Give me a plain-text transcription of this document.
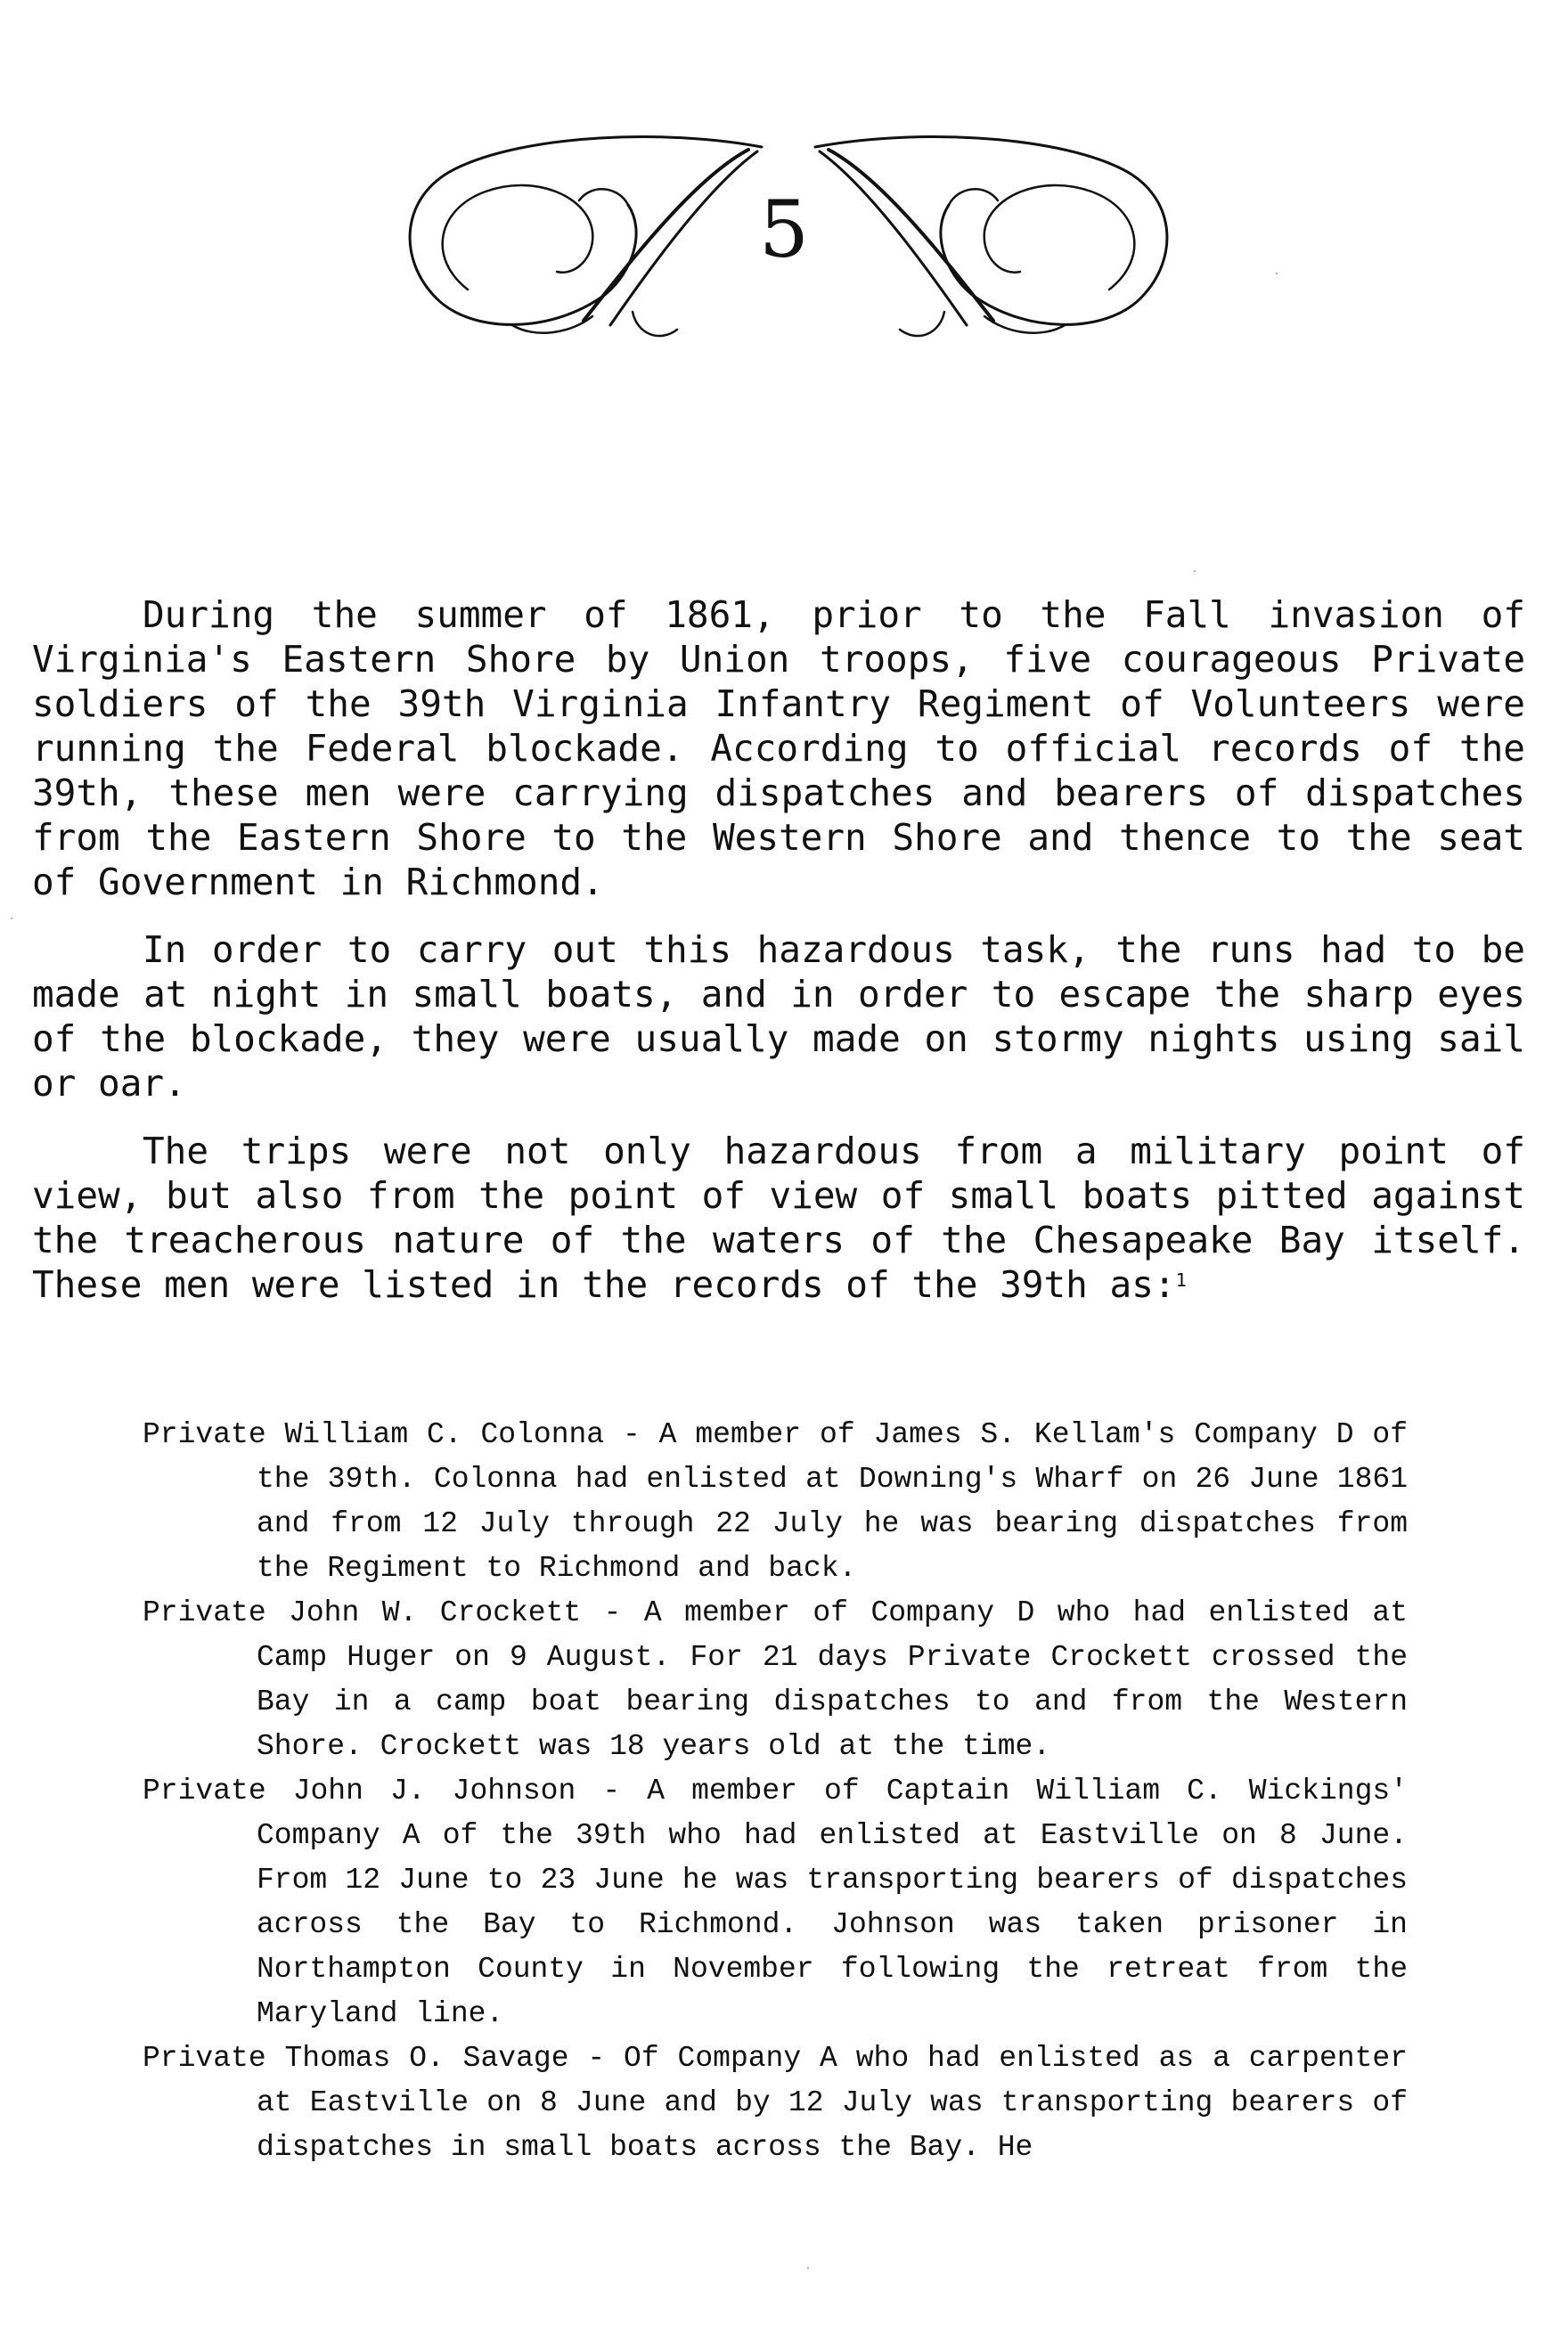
5

During the summer of 1861, prior to the Fall invasion of Virginia's Eastern Shore by Union troops, five courageous Private soldiers of the 39th Virginia Infantry Regiment of Volunteers were running the Federal blockade. According to official records of the 39th, these men were carrying dispatches and bearers of dispatches from the Eastern Shore to the Western Shore and thence to the seat of Government in Richmond.

In order to carry out this hazardous task, the runs had to be made at night in small boats, and in order to escape the sharp eyes of the blockade, they were usually made on stormy nights using sail or oar.

The trips were not only hazardous from a military point of view, but also from the point of view of small boats pitted against the treacherous nature of the waters of the Chesapeake Bay itself. These men were listed in the records of the 39th as:$^1$

Private William C. Colonna - A member of James S. Kellam's Company D of the 39th. Colonna had enlisted at Downing's Wharf on 26 June 1861 and from 12 July through 22 July he was bearing dispatches from the Regiment to Richmond and back.

Private John W. Crockett - A member of Company D who had enlisted at Camp Huger on 9 August. For 21 days Private Crockett crossed the Bay in a camp boat bearing dispatches to and from the Western Shore. Crockett was 18 years old at the time.

Private John J. Johnson - A member of Captain William C. Wickings' Company A of the 39th who had enlisted at Eastville on 8 June. From 12 June to 23 June he was transporting bearers of dispatches across the Bay to Richmond. Johnson was taken prisoner in Northampton County in November following the retreat from the Maryland line.

Private Thomas O. Savage - Of Company A who had enlisted as a carpenter at Eastville on 8 June and by 12 July was transporting bearers of dispatches in small boats across the Bay. He
